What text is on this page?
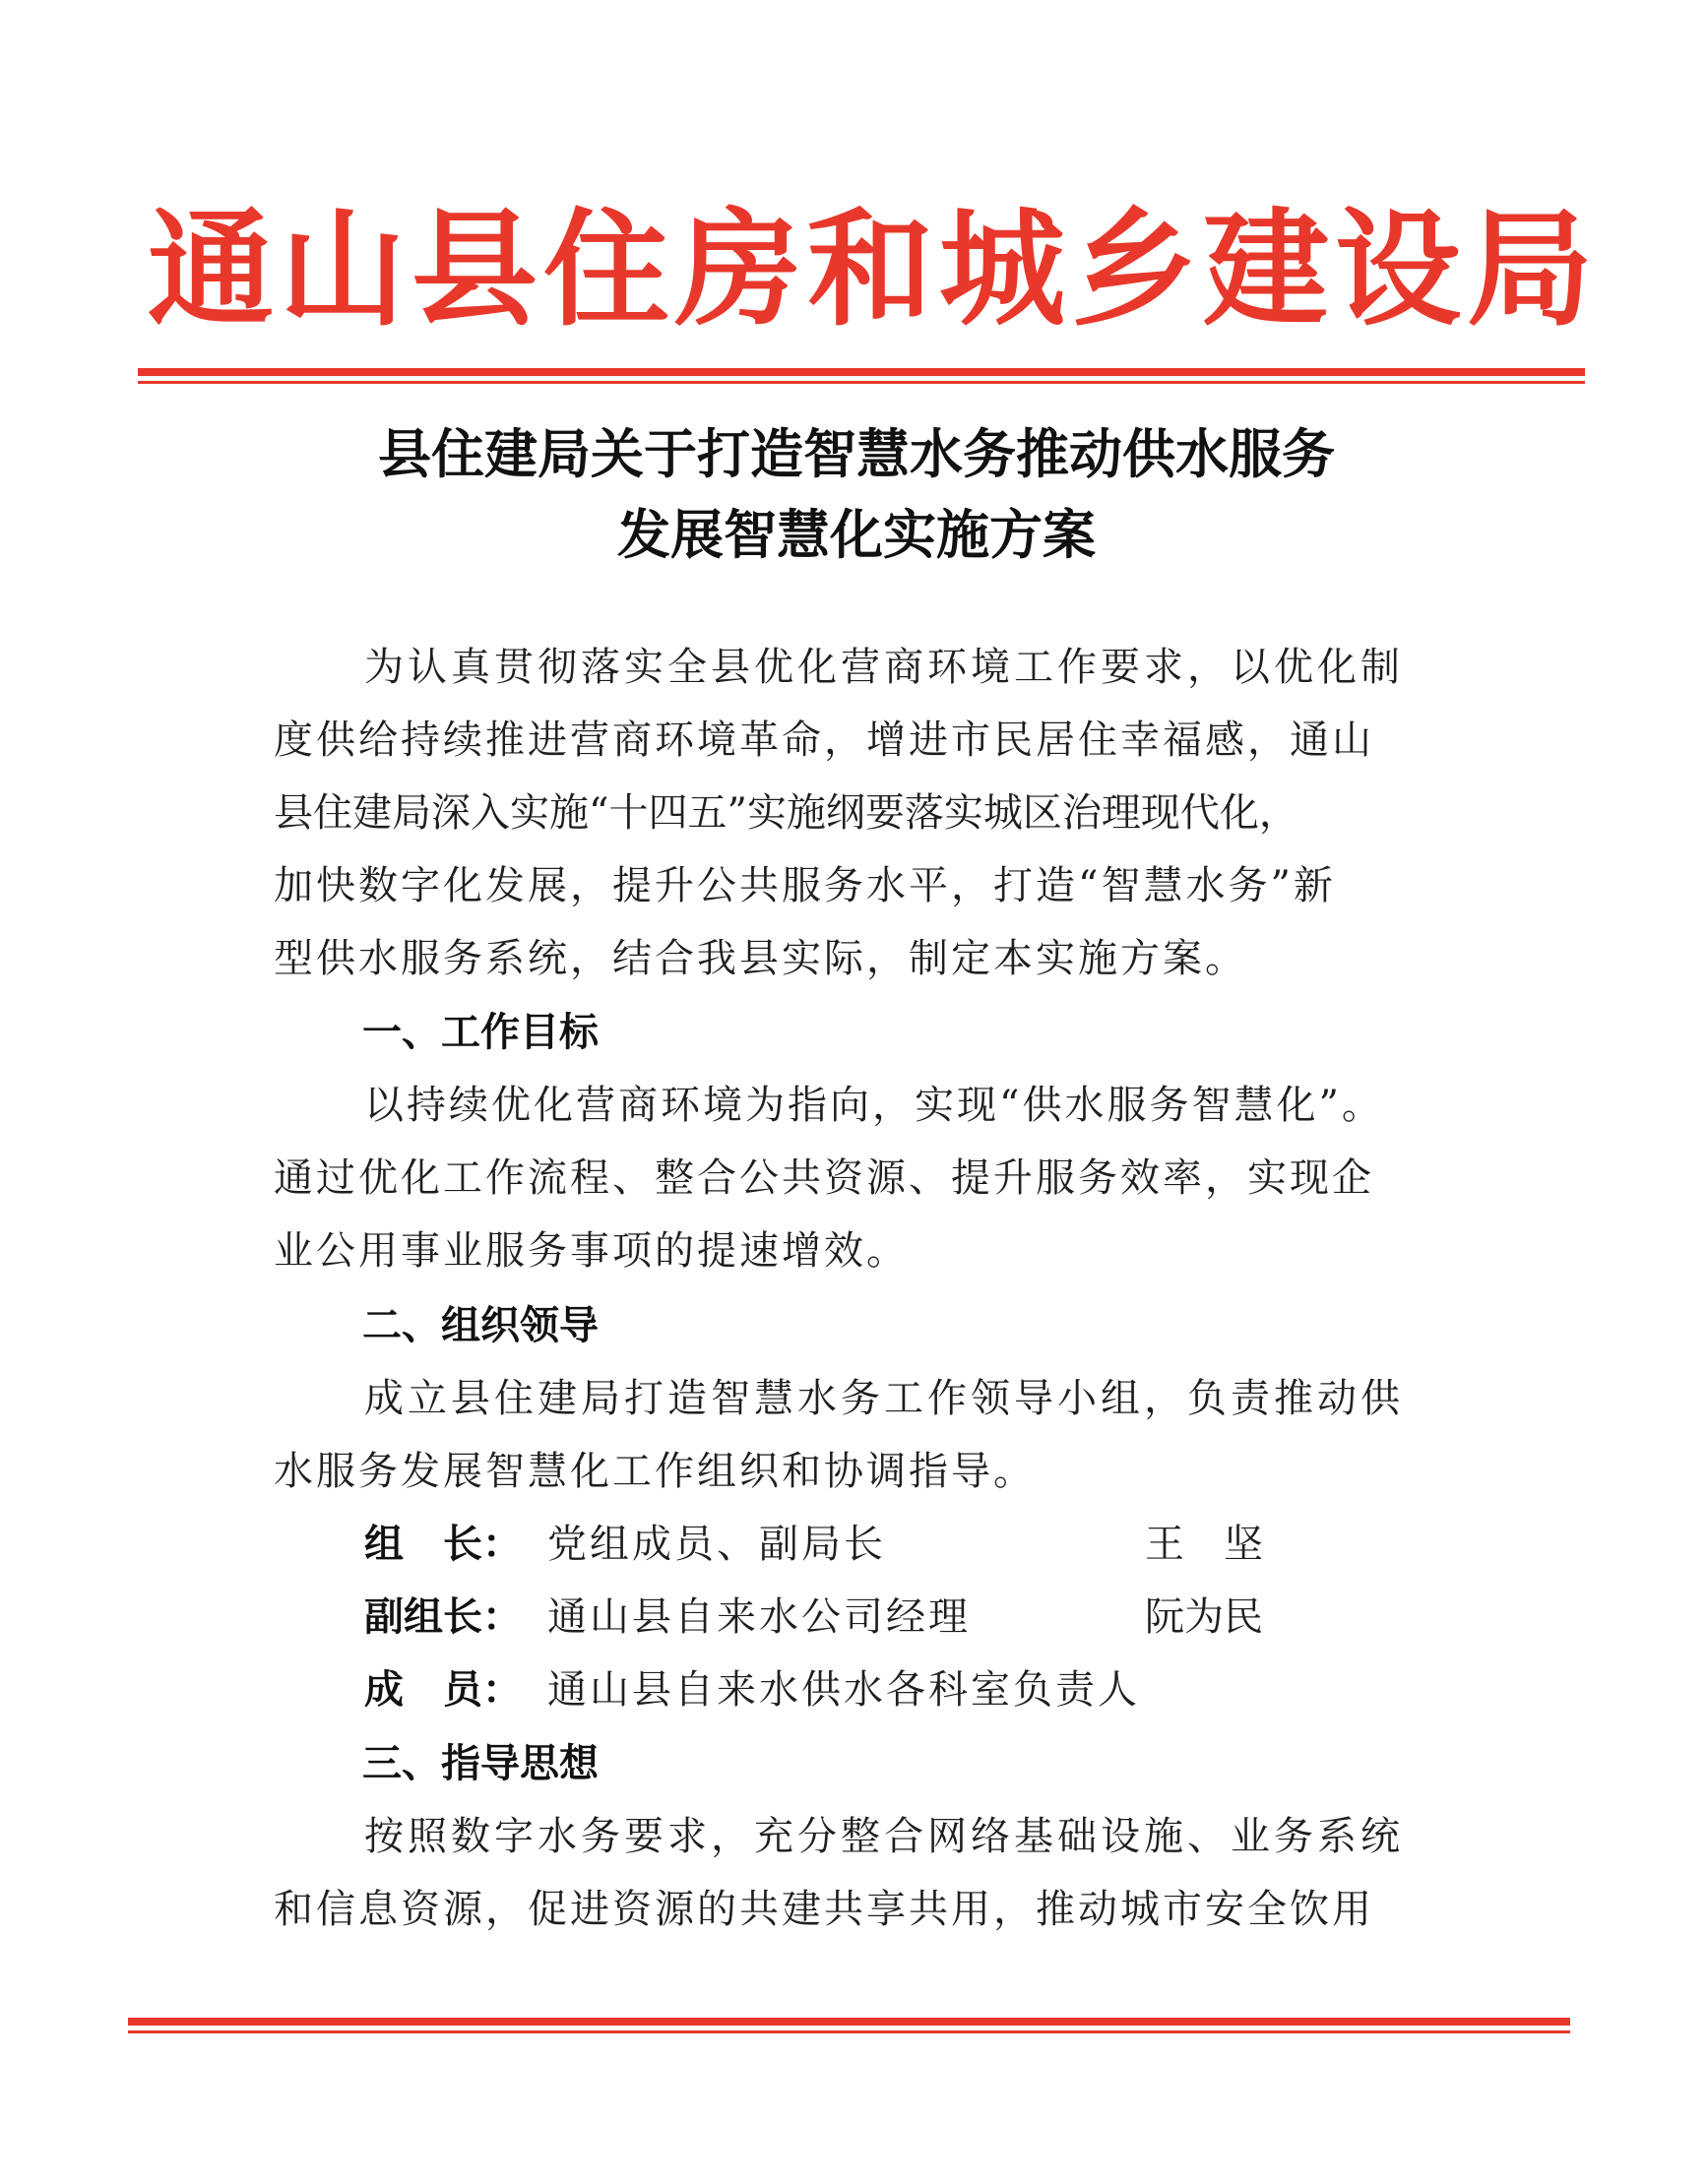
通山县住房和城乡建设局
县住建局关于打造智慧水务推动供水服务
发展智慧化实施方案
为认真贯彻落实全县优化营商环境工作要求，以优化制
度供给持续推进营商环境革命，增进市民居住幸福感，通山
县住建局深入实施“十四五”实施纲要落实城区治理现代化，
加快数字化发展，提升公共服务水平，打造“智慧水务”新
型供水服务系统，结合我县实际，制定本实施方案。
一、工作目标
以持续优化营商环境为指向，实现“供水服务智慧化”。
通过优化工作流程、整合公共资源、提升服务效率，实现企
业公用事业服务事项的提速增效。
二、组织领导
成立县住建局打造智慧水务工作领导小组，负责推动供
水服务发展智慧化工作组织和协调指导。
组　长： 党组成员、副局长	王　坚
副组长： 通山县自来水公司经理	阮为民
成　员： 通山县自来水供水各科室负责人
三、指导思想
按照数字水务要求，充分整合网络基础设施、业务系统
和信息资源，促进资源的共建共享共用，推动城市安全饮用
